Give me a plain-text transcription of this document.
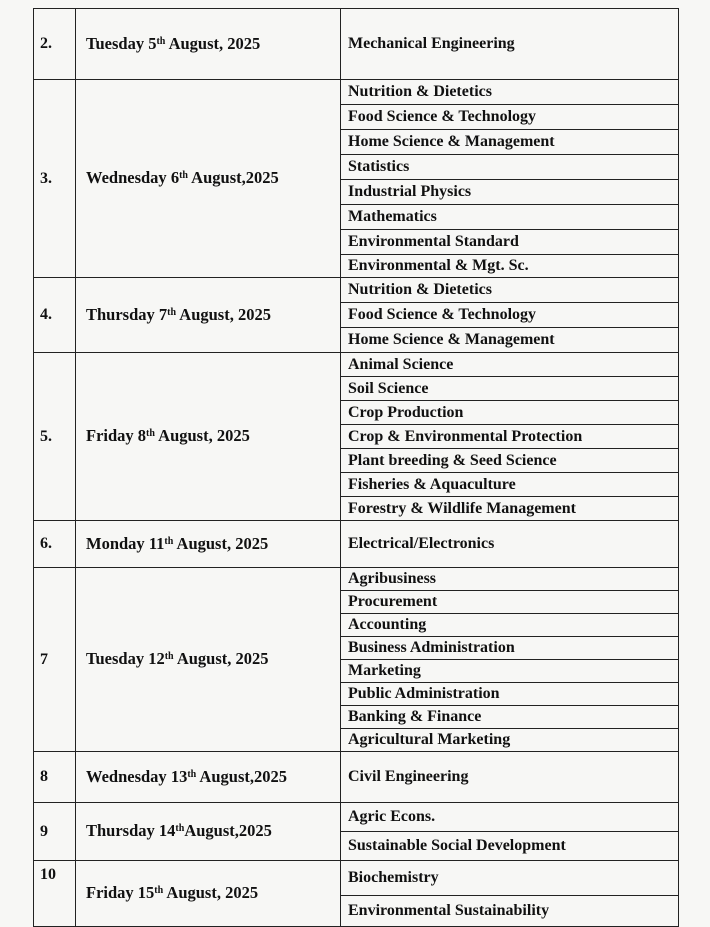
2.	Tuesday 5th August, 2025	Mechanical Engineering
3.	Wednesday 6th August,2025	Nutrition & Dietetics
		Food Science & Technology
		Home Science & Management
		Statistics
		Industrial Physics
		Mathematics
		Environmental Standard
		Environmental & Mgt. Sc.
4.	Thursday 7th August, 2025	Nutrition & Dietetics
		Food Science & Technology
		Home Science & Management
5.	Friday 8th August, 2025	Animal Science
		Soil Science
		Crop Production
		Crop & Environmental Protection
		Plant breeding & Seed Science
		Fisheries & Aquaculture
		Forestry & Wildlife Management
6.	Monday 11th August, 2025	Electrical/Electronics
7	Tuesday 12th August, 2025	Agribusiness
		Procurement
		Accounting
		Business Administration
		Marketing
		Public Administration
		Banking & Finance
		Agricultural Marketing
8	Wednesday 13th August,2025	Civil Engineering
9	Thursday 14thAugust,2025	Agric Econs.
		Sustainable Social Development
10	Friday 15th August, 2025	Biochemistry
		Environmental Sustainability
